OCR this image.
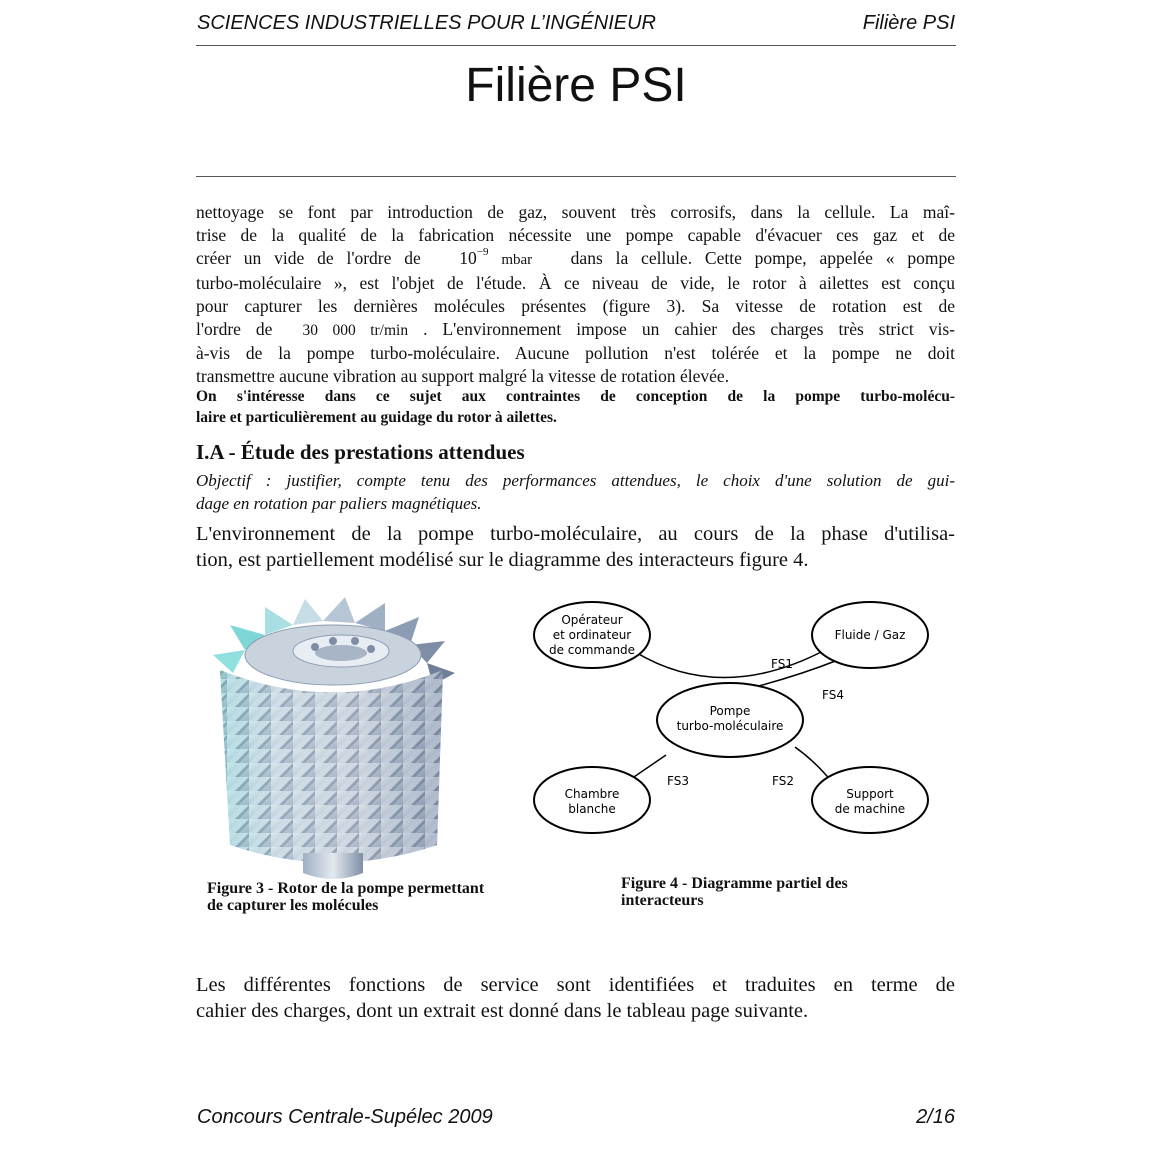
SCIENCES INDUSTRIELLES POUR L’INGÉNIEUR	Filière PSI
Filière PSI
nettoyage se font par introduction de gaz, souvent très corrosifs, dans la cellule. La maî-
trise de la qualité de la fabrication nécessite une pompe capable d'évacuer ces gaz et de
créer un vide de l'ordre de $10^{-9}$ mbar dans la cellule. Cette pompe, appelée « pompe
turbo-moléculaire », est l'objet de l'étude. À ce niveau de vide, le rotor à ailettes est conçu
pour capturer les dernières molécules présentes (figure 3). Sa vitesse de rotation est de
l'ordre de 30 000 tr/min . L'environnement impose un cahier des charges très strict vis-
à-vis de la pompe turbo-moléculaire. Aucune pollution n'est tolérée et la pompe ne doit
transmettre aucune vibration au support malgré la vitesse de rotation élevée.
On s'intéresse dans ce sujet aux contraintes de conception de la pompe turbo-molécu-
laire et particulièrement au guidage du rotor à ailettes.
I.A - Étude des prestations attendues
Objectif : justifier, compte tenu des performances attendues, le choix d'une solution de gui-
dage en rotation par paliers magnétiques.
L'environnement de la pompe turbo-moléculaire, au cours de la phase d'utilisa-
tion, est partiellement modélisé sur le diagramme des interacteurs figure 4.
Figure 3 - Rotor de la pompe permettant
de capturer les molécules
Opérateur
et ordinateur
de commande
Fluide / Gaz
Pompe
turbo-moléculaire
Chambre
blanche
Support
de machine
FS1
FS4
FS3	FS2
Figure 4 - Diagramme partiel des
interacteurs
Les différentes fonctions de service sont identifiées et traduites en terme de
cahier des charges, dont un extrait est donné dans le tableau page suivante.
Concours Centrale-Supélec 2009	2/16
